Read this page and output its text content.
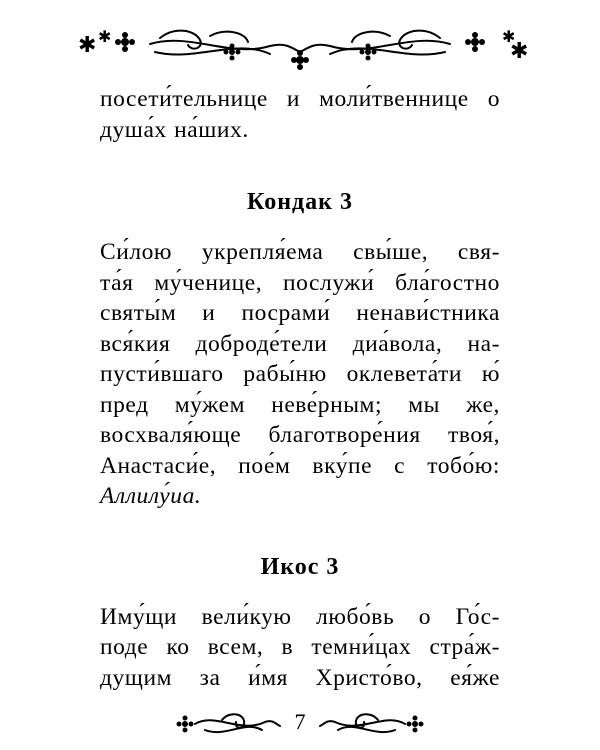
✱ ✱	✱
✱

посети́тельнице и моли́твеннице о
душа́х на́ших.

Кондак 3

Си́лою укрепля́ема свы́ше, свя-
та́я му́ченице, послужи́ бла́гостно
святы́м и посрами́ ненави́стника
вся́кия доброде́тели диа́вола, на-
пусти́вшаго рабы́ню оклевета́ти ю́
пред му́жем неве́рным; мы же,
восхваля́юще благотворе́ния твоя́,
Анастаси́е, пое́м вку́пе с тобо́ю:
Аллилу́иа.

Икос 3

Иму́щи вели́кую любо́вь о Го́с-
поде ко всем, в темни́цах стра́ж-
дущим за и́мя Христо́во, ея́же

7
